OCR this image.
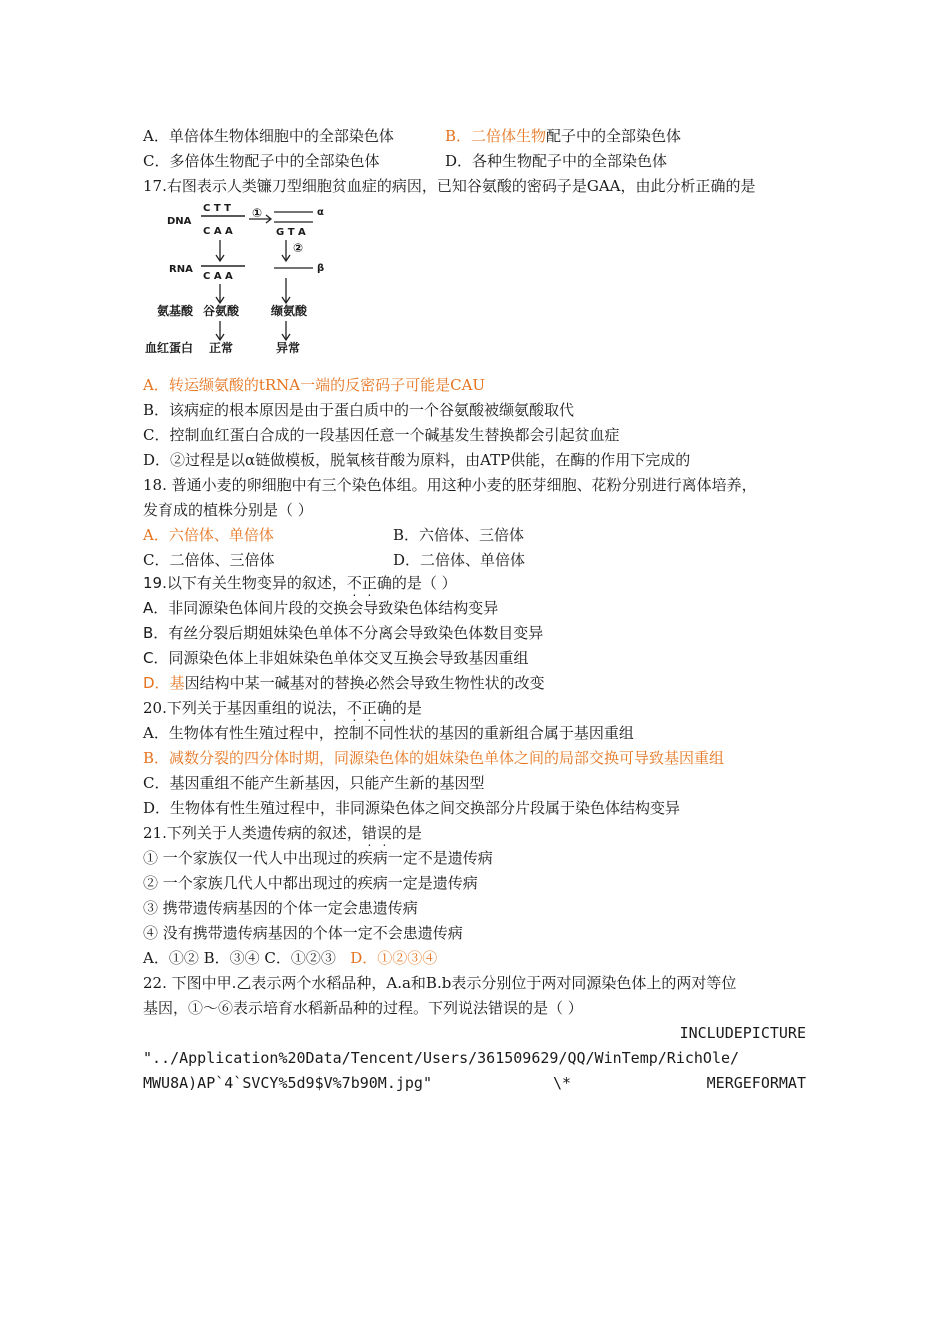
A．单倍体生物体细胞中的全部染色体	B．二倍体生物配子中的全部染色体
C．多倍体生物配子中的全部染色体	D．各种生物配子中的全部染色体
17.右图表示人类镰刀型细胞贫血症的病因，已知谷氨酸的密码子是GAA，由此分析正确的是
DNA
C T T
C A A
①	α
G T A
②
RNA
C A A
β
氨基酸 谷氨酸	缬氨酸
血红蛋白 正常	异常
A．转运缬氨酸的tRNA一端的反密码子可能是CAU
B．该病症的根本原因是由于蛋白质中的一个谷氨酸被缬氨酸取代
C．控制血红蛋白合成的一段基因任意一个碱基发生替换都会引起贫血症
D．②过程是以α链做模板，脱氧核苷酸为原料，由ATP供能，在酶的作用下完成的
18. 普通小麦的卵细胞中有三个染色体组。用这种小麦的胚芽细胞、花粉分别进行离体培养，
发育成的植株分别是（ ）
A．六倍体、单倍体	B．六倍体、三倍体
C．二倍体、三倍体	D．二倍体、单倍体
19.以下有关生物变异的叙述，不正确的是（ ）
A．非同源染色体间片段的交换会导致染色体结构变异
B．有丝分裂后期姐妹染色单体不分离会导致染色体数目变异
C．同源染色体上非姐妹染色单体交叉互换会导致基因重组
D．基因结构中某一碱基对的替换必然会导致生物性状的改变
20.下列关于基因重组的说法，不正确的是
A．生物体有性生殖过程中，控制不同性状的基因的重新组合属于基因重组
B．减数分裂的四分体时期，同源染色体的姐妹染色单体之间的局部交换可导致基因重组
C．基因重组不能产生新基因，只能产生新的基因型
D．生物体有性生殖过程中，非同源染色体之间交换部分片段属于染色体结构变异
21.下列关于人类遗传病的叙述，错误的是
① 一个家族仅一代人中出现过的疾病一定不是遗传病
② 一个家族几代人中都出现过的疾病一定是遗传病
③ 携带遗传病基因的个体一定会患遗传病
④ 没有携带遗传病基因的个体一定不会患遗传病
A．①② B．③④ C．①②③ D．①②③④
22. 下图中甲.乙表示两个水稻品种，A.a和B.b表示分别位于两对同源染色体上的两对等位
基因，①～⑥表示培育水稻新品种的过程。下列说法错误的是（ ）
INCLUDEPICTURE
"../Application%20Data/Tencent/Users/361509629/QQ/WinTemp/RichOle/
MWU8A)AP`4`SVCY%5d9$V%7b90M.jpg"	\*	MERGEFORMAT
